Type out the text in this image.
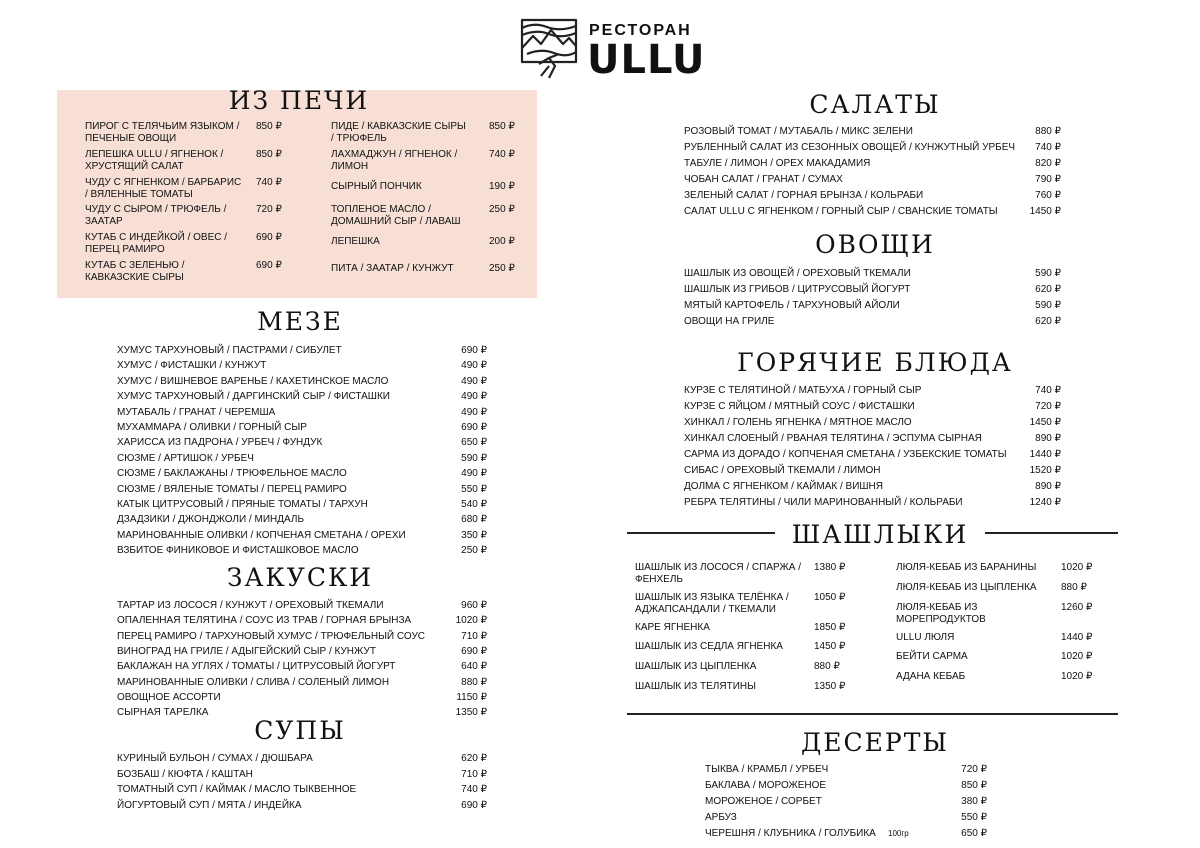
РЕСТОРАН
ULLU
ИЗ ПЕЧИ
ПИРОГ С ТЕЛЯЧЬИМ ЯЗЫКОМ / ПЕЧЕНЫЕ ОВОЩИ
850 ₽
ЛЕПЕШКА ULLU / ЯГНЕНОК / ХРУСТЯЩИЙ САЛАТ
850 ₽
ЧУДУ С ЯГНЕНКОМ / БАРБАРИС / ВЯЛЕННЫЕ ТОМАТЫ
740 ₽
ЧУДУ С СЫРОМ / ТРЮФЕЛЬ / ЗААТАР
720 ₽
КУТАБ С ИНДЕЙКОЙ / ОВЕС / ПЕРЕЦ РАМИРО
690 ₽
КУТАБ С ЗЕЛЕНЬЮ / КАВКАЗСКИЕ СЫРЫ
690 ₽
ПИДЕ / КАВКАЗСКИЕ СЫРЫ / ТРЮФЕЛЬ
850 ₽
ЛАХМАДЖУН / ЯГНЕНОК / ЛИМОН
740 ₽
СЫРНЫЙ ПОНЧИК	190 ₽
ТОПЛЕНОЕ МАСЛО / ДОМАШНИЙ СЫР / ЛАВАШ
250 ₽
ЛЕПЕШКА	200 ₽
ПИТА / ЗААТАР / КУНЖУТ	250 ₽
МЕЗЕ
ХУМУС ТАРХУНОВЫЙ / ПАСТРАМИ / СИБУЛЕТ	690 ₽
ХУМУС / ФИСТАШКИ / КУНЖУТ	490 ₽
ХУМУС / ВИШНЕВОЕ ВАРЕНЬЕ / КАХЕТИНСКОЕ МАСЛО	490 ₽
ХУМУС ТАРХУНОВЫЙ / ДАРГИНСКИЙ СЫР / ФИСТАШКИ	490 ₽
МУТАБАЛЬ / ГРАНАТ / ЧЕРЕМША	490 ₽
МУХАММАРА / ОЛИВКИ / ГОРНЫЙ СЫР	690 ₽
ХАРИССА ИЗ ПАДРОНА / УРБЕЧ / ФУНДУК	650 ₽
СЮЗМЕ / АРТИШОК / УРБЕЧ	590 ₽
СЮЗМЕ / БАКЛАЖАНЫ / ТРЮФЕЛЬНОЕ МАСЛО	490 ₽
СЮЗМЕ / ВЯЛЕНЫЕ ТОМАТЫ / ПЕРЕЦ РАМИРО	550 ₽
КАТЫК ЦИТРУСОВЫЙ / ПРЯНЫЕ ТОМАТЫ / ТАРХУН	540 ₽
ДЗАДЗИКИ / ДЖОНДЖОЛИ / МИНДАЛЬ	680 ₽
МАРИНОВАННЫЕ ОЛИВКИ / КОПЧЕНАЯ СМЕТАНА / ОРЕХИ	350 ₽
ВЗБИТОЕ ФИНИКОВОЕ И ФИСТАШКОВОЕ МАСЛО	250 ₽
ЗАКУСКИ
ТАРТАР ИЗ ЛОСОСЯ / КУНЖУТ / ОРЕХОВЫЙ ТКЕМАЛИ	960 ₽
ОПАЛЕННАЯ ТЕЛЯТИНА / СОУС ИЗ ТРАВ / ГОРНАЯ БРЫНЗА	1020 ₽
ПЕРЕЦ РАМИРО / ТАРХУНОВЫЙ ХУМУС / ТРЮФЕЛЬНЫЙ СОУС	710 ₽
ВИНОГРАД НА ГРИЛЕ / АДЫГЕЙСКИЙ СЫР / КУНЖУТ	690 ₽
БАКЛАЖАН НА УГЛЯХ / ТОМАТЫ / ЦИТРУСОВЫЙ ЙОГУРТ	640 ₽
МАРИНОВАННЫЕ ОЛИВКИ / СЛИВА / СОЛЕНЫЙ ЛИМОН	880 ₽
ОВОЩНОЕ АССОРТИ	1150 ₽
СЫРНАЯ ТАРЕЛКА	1350 ₽
СУПЫ
КУРИНЫЙ БУЛЬОН / СУМАХ / ДЮШБАРА	620 ₽
БОЗБАШ / КЮФТА / КАШТАН	710 ₽
ТОМАТНЫЙ СУП / КАЙМАК / МАСЛО ТЫКВЕННОЕ	740 ₽
ЙОГУРТОВЫЙ СУП / МЯТА / ИНДЕЙКА	690 ₽
САЛАТЫ
РОЗОВЫЙ ТОМАТ / МУТАБАЛЬ / МИКС ЗЕЛЕНИ	880 ₽
РУБЛЕННЫЙ САЛАТ ИЗ СЕЗОННЫХ ОВОЩЕЙ / КУНЖУТНЫЙ УРБЕЧ	740 ₽
ТАБУЛЕ / ЛИМОН / ОРЕХ МАКАДАМИЯ	820 ₽
ЧОБАН САЛАТ / ГРАНАТ / СУМАХ	790 ₽
ЗЕЛЕНЫЙ САЛАТ / ГОРНАЯ БРЫНЗА / КОЛЬРАБИ	760 ₽
САЛАТ ULLU С ЯГНЕНКОМ / ГОРНЫЙ СЫР / СВАНСКИЕ ТОМАТЫ	1450 ₽
ОВОЩИ
ШАШЛЫК ИЗ ОВОЩЕЙ / ОРЕХОВЫЙ ТКЕМАЛИ	590 ₽
ШАШЛЫК ИЗ ГРИБОВ / ЦИТРУСОВЫЙ ЙОГУРТ	620 ₽
МЯТЫЙ КАРТОФЕЛЬ / ТАРХУНОВЫЙ АЙОЛИ	590 ₽
ОВОЩИ НА ГРИЛЕ	620 ₽
ГОРЯЧИЕ БЛЮДА
КУРЗЕ С ТЕЛЯТИНОЙ / МАТБУХА / ГОРНЫЙ СЫР	740 ₽
КУРЗЕ С ЯЙЦОМ / МЯТНЫЙ СОУС / ФИСТАШКИ	720 ₽
ХИНКАЛ / ГОЛЕНЬ ЯГНЕНКА / МЯТНОЕ МАСЛО	1450 ₽
ХИНКАЛ СЛОЕНЫЙ / РВАНАЯ ТЕЛЯТИНА / ЭСПУМА СЫРНАЯ	890 ₽
САРМА ИЗ ДОРАДО / КОПЧЕНАЯ СМЕТАНА / УЗБЕКСКИЕ ТОМАТЫ	1440 ₽
СИБАС / ОРЕХОВЫЙ ТКЕМАЛИ / ЛИМОН	1520 ₽
ДОЛМА С ЯГНЕНКОМ / КАЙМАК / ВИШНЯ	890 ₽
РЕБРА ТЕЛЯТИНЫ / ЧИЛИ МАРИНОВАННЫЙ / КОЛЬРАБИ	1240 ₽
ШАШЛЫКИ
ШАШЛЫК ИЗ ЛОСОСЯ / СПАРЖА / ФЕНХЕЛЬ
1380 ₽
ШАШЛЫК ИЗ ЯЗЫКА ТЕЛЁНКА / АДЖАПСАНДАЛИ / ТКЕМАЛИ
1050 ₽
КАРЕ ЯГНЕНКА	1850 ₽
ШАШЛЫК ИЗ СЕДЛА ЯГНЕНКА	1450 ₽
ШАШЛЫК ИЗ ЦЫПЛЕНКА	880 ₽
ШАШЛЫК ИЗ ТЕЛЯТИНЫ	1350 ₽
ЛЮЛЯ-КЕБАБ ИЗ БАРАНИНЫ	1020 ₽
ЛЮЛЯ-КЕБАБ ИЗ ЦЫПЛЕНКА	880 ₽
ЛЮЛЯ-КЕБАБ ИЗ МОРЕПРОДУКТОВ
1260 ₽
ULLU ЛЮЛЯ	1440 ₽
БЕЙТИ САРМА	1020 ₽
АДАНА КЕБАБ	1020 ₽
ДЕСЕРТЫ
ТЫКВА / КРАМБЛ / УРБЕЧ	720 ₽
БАКЛАВА / МОРОЖЕНОЕ	850 ₽
МОРОЖЕНОЕ / СОРБЕТ	380 ₽
АРБУЗ	550 ₽
ЧЕРЕШНЯ / КЛУБНИКА / ГОЛУБИКА 100гр	650 ₽
